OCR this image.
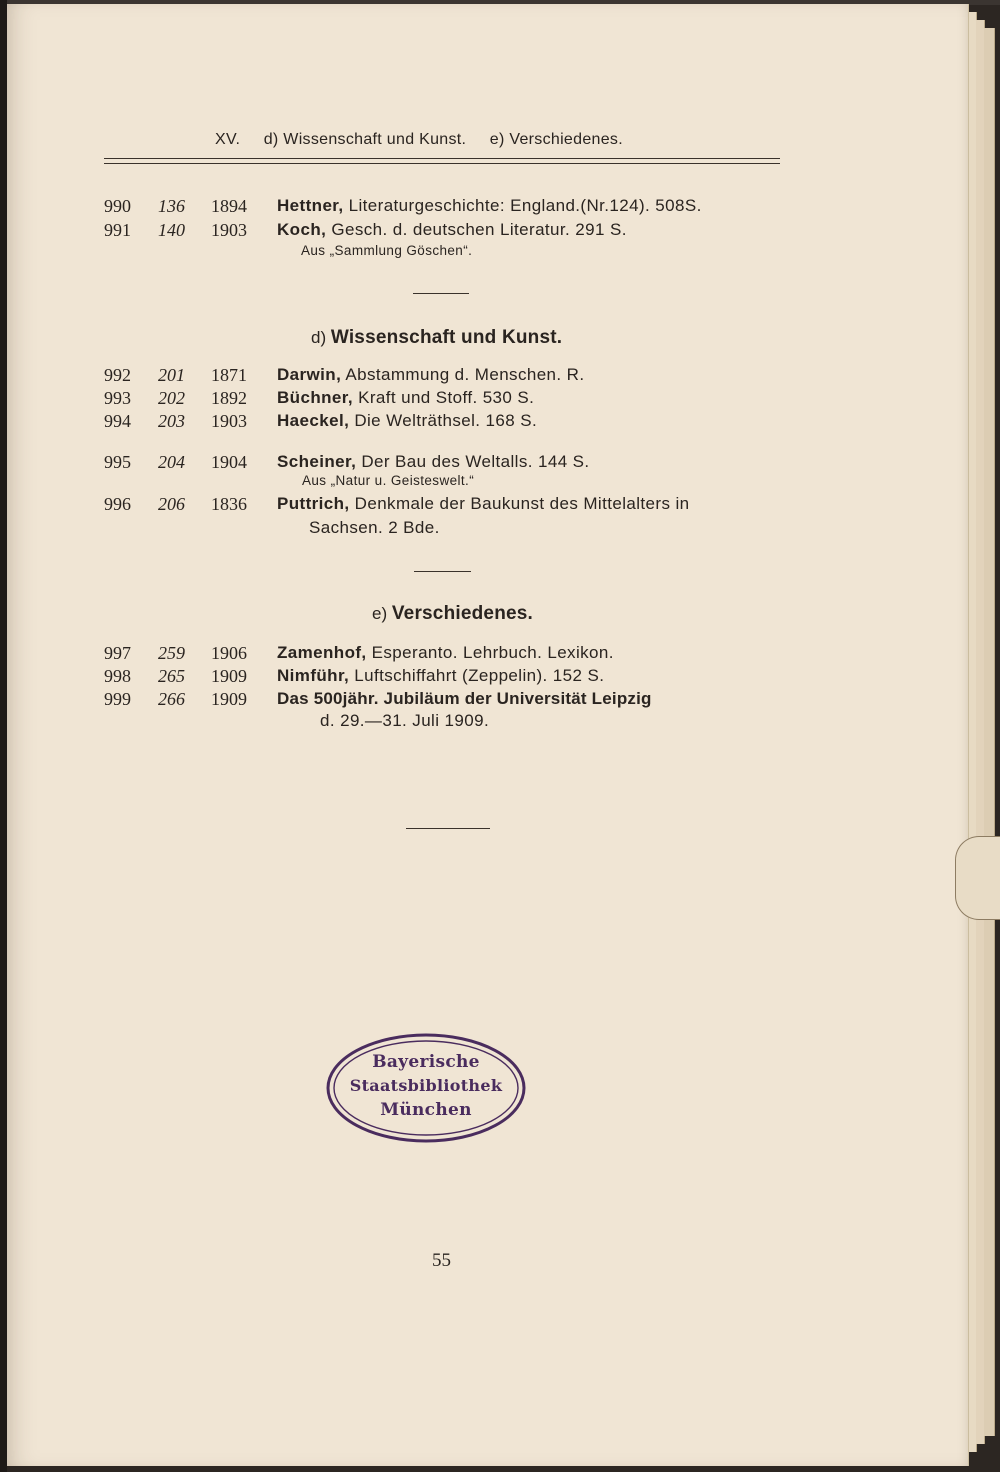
XV. d) Wissenschaft und Kunst. e) Verschiedenes.
990	136 1894 Hettner, Literaturgeschichte: England.(Nr.124). 508S.
991	140 1903 Koch, Gesch. d. deutschen Literatur. 291 S.
Aus „Sammlung Göschen“.
d) Wissenschaft und Kunst.
992	201 1871 Darwin, Abstammung d. Menschen. R.
993	202 1892 Büchner, Kraft und Stoff. 530 S.
994	203 1903 Haeckel, Die Welträthsel. 168 S.
995	204 1904 Scheiner, Der Bau des Weltalls. 144 S.
Aus „Natur u. Geisteswelt.“
996	206 1836 Puttrich, Denkmale der Baukunst des Mittelalters in
Sachsen. 2 Bde.
e) Verschiedenes.
997	259 1906 Zamenhof, Esperanto. Lehrbuch. Lexikon.
998	265 1909 Nimführ, Luftschiffahrt (Zeppelin). 152 S.
999	266 1909 Das 500jähr. Jubiläum der Universität Leipzig
d. 29.—31. Juli 1909.
Bayerische
Staatsbibliothek
München
55
